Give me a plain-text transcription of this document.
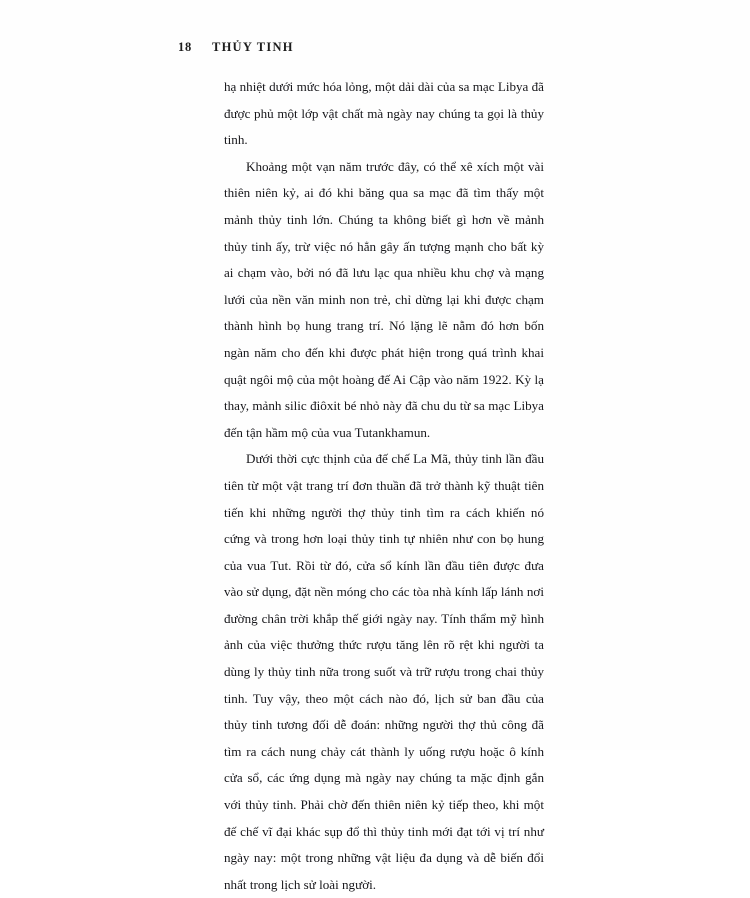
18 THỦY TINH

hạ nhiệt dưới mức hóa lỏng, một dải dài của sa mạc Libya đã được phủ một lớp vật chất mà ngày nay chúng ta gọi là thủy tinh.

Khoảng một vạn năm trước đây, có thể xê xích một vài thiên niên kỷ, ai đó khi băng qua sa mạc đã tìm thấy một mảnh thủy tinh lớn. Chúng ta không biết gì hơn về mảnh thủy tinh ấy, trừ việc nó hẳn gây ấn tượng mạnh cho bất kỳ ai chạm vào, bởi nó đã lưu lạc qua nhiều khu chợ và mạng lưới của nền văn minh non trẻ, chỉ dừng lại khi được chạm thành hình bọ hung trang trí. Nó lặng lẽ nằm đó hơn bốn ngàn năm cho đến khi được phát hiện trong quá trình khai quật ngôi mộ của một hoàng đế Ai Cập vào năm 1922. Kỳ lạ thay, mảnh silic điôxit bé nhỏ này đã chu du từ sa mạc Libya đến tận hầm mộ của vua Tutankhamun.

Dưới thời cực thịnh của đế chế La Mã, thủy tinh lần đầu tiên từ một vật trang trí đơn thuần đã trở thành kỹ thuật tiên tiến khi những người thợ thủy tinh tìm ra cách khiến nó cứng và trong hơn loại thủy tinh tự nhiên như con bọ hung của vua Tut. Rồi từ đó, cửa sổ kính lần đầu tiên được đưa vào sử dụng, đặt nền móng cho các tòa nhà kính lấp lánh nơi đường chân trời khắp thế giới ngày nay. Tính thẩm mỹ hình ảnh của việc thưởng thức rượu tăng lên rõ rệt khi người ta dùng ly thủy tinh nữa trong suốt và trữ rượu trong chai thủy tinh. Tuy vậy, theo một cách nào đó, lịch sử ban đầu của thủy tinh tương đối dễ đoán: những người thợ thủ công đã tìm ra cách nung chảy cát thành ly uống rượu hoặc ô kính cửa sổ, các ứng dụng mà ngày nay chúng ta mặc định gắn với thủy tinh. Phải chờ đến thiên niên kỷ tiếp theo, khi một đế chế vĩ đại khác sụp đổ thì thủy tinh mới đạt tới vị trí như ngày nay: một trong những vật liệu đa dụng và dễ biến đổi nhất trong lịch sử loài người.
